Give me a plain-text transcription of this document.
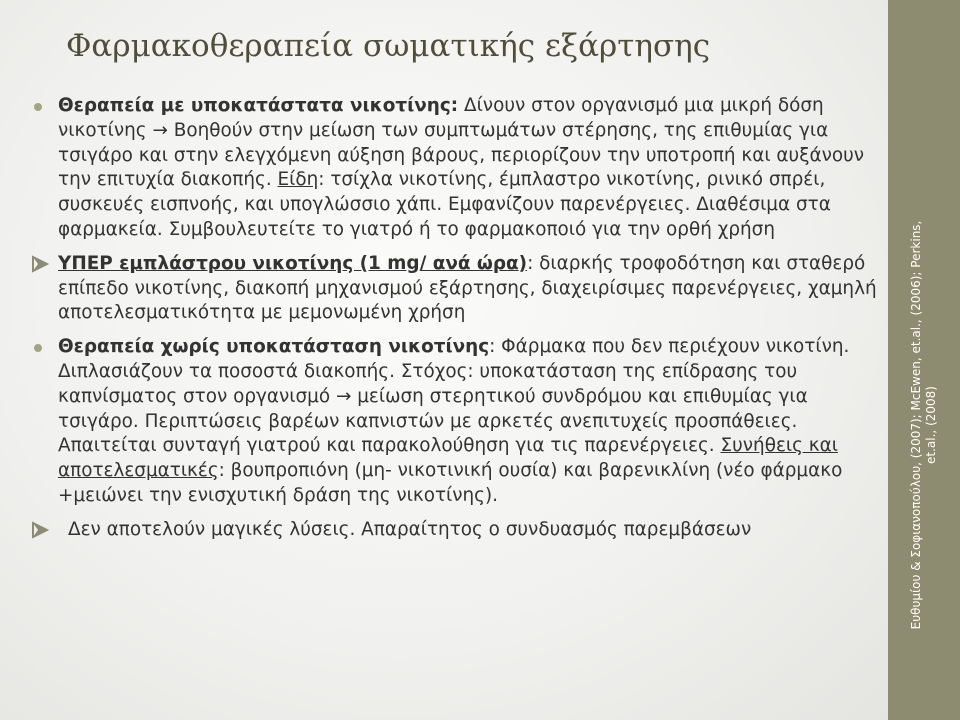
Φαρμακοθεραπεία σωματικής εξάρτησης
Θεραπεία με υποκατάστατα νικοτίνης: Δίνουν στον οργανισμό μια μικρή δόση νικοτίνης → Βοηθούν στην μείωση των συμπτωμάτων στέρησης, της επιθυμίας για τσιγάρο και στην ελεγχόμενη αύξηση βάρους, περιορίζουν την υποτροπή και αυξάνουν την επιτυχία διακοπής. Είδη: τσίχλα νικοτίνης, έμπλαστρο νικοτίνης, ρινικό σπρέι, συσκευές εισπνοής, και υπογλώσσιο χάπι. Εμφανίζουν παρενέργειες. Διαθέσιμα στα φαρμακεία. Συμβουλευτείτε το γιατρό ή το φαρμακοποιό για την ορθή χρήση
ΥΠΕΡ εμπλάστρου νικοτίνης (1 mg/ ανά ώρα): διαρκής τροφοδότηση και σταθερό επίπεδο νικοτίνης, διακοπή μηχανισμού εξάρτησης, διαχειρίσιμες παρενέργειες, χαμηλή αποτελεσματικότητα με μεμονωμένη χρήση
Θεραπεία χωρίς υποκατάσταση νικοτίνης: Φάρμακα που δεν περιέχουν νικοτίνη. Διπλασιάζουν τα ποσοστά διακοπής. Στόχος: υποκατάσταση της επίδρασης του καπνίσματος στον οργανισμό → μείωση στερητικού συνδρόμου και επιθυμίας για τσιγάρο. Περιπτώσεις βαρέων καπνιστών με αρκετές ανεπιτυχείς προσπάθειες. Απαιτείται συνταγή γιατρού και παρακολούθηση για τις παρενέργειες. Συνήθεις και αποτελεσματικές: βουπροπιόνη (μη- νικοτινική ουσία) και βαρενικλίνη (νέο φάρμακο +μειώνει την ενισχυτική δράση της νικοτίνης).
Δεν αποτελούν μαγικές λύσεις. Απαραίτητος ο συνδυασμός παρεμβάσεων	Ευθυμίου & Σοφιανοπούλου, (2007); McEwen, et.al., (2006); Perkins, et.al., (2008)
